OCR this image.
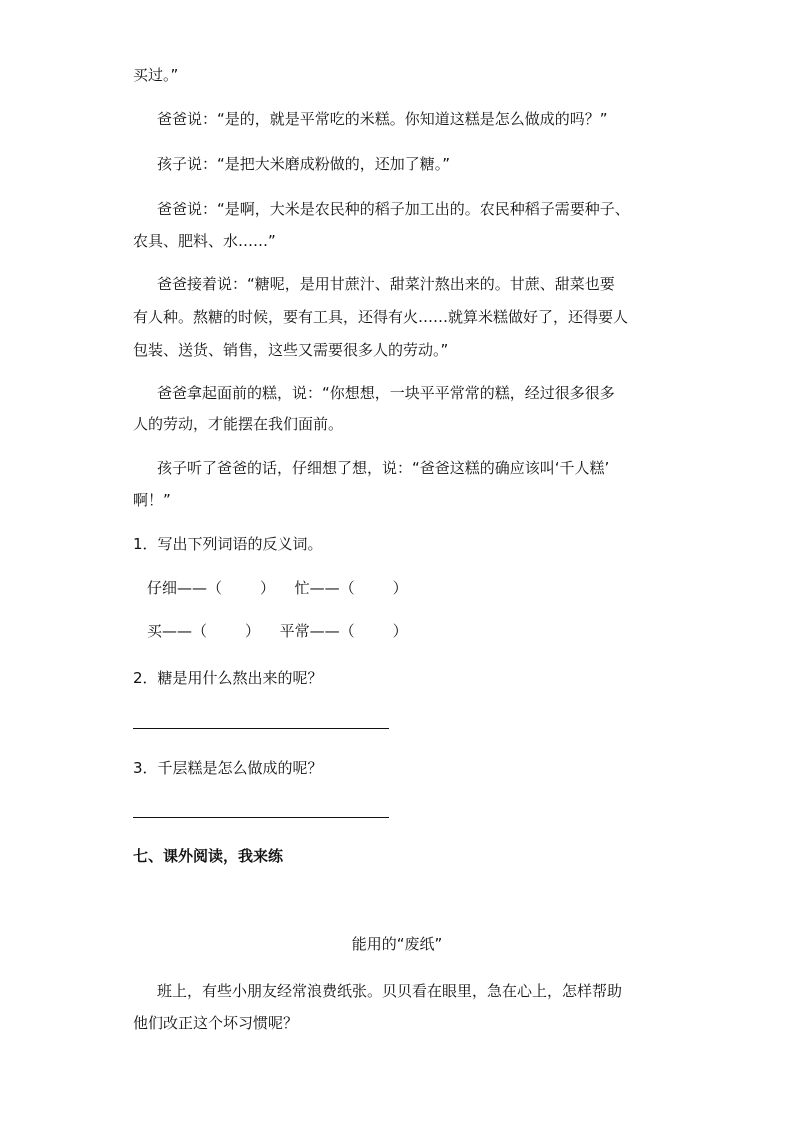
买过。”
爸爸说：“是的，就是平常吃的米糕。你知道这糕是怎么做成的吗？”
孩子说：“是把大米磨成粉做的，还加了糖。”
爸爸说：“是啊，大米是农民种的稻子加工出的。农民种稻子需要种子、
农具、肥料、水……”
爸爸接着说：“糖呢，是用甘蔗汁、甜菜汁熬出来的。甘蔗、甜菜也要
有人种。熬糖的时候，要有工具，还得有火……就算米糕做好了，还得要人
包装、送货、销售，这些又需要很多人的劳动。”
爸爸拿起面前的糕，说：“你想想，一块平平常常的糕，经过很多很多
人的劳动，才能摆在我们面前。
孩子听了爸爸的话，仔细想了想，说：“爸爸这糕的确应该叫‘千人糕’
啊！”
1．写出下列词语的反义词。
仔细——（	） 忙——（	）
买——（	） 平常——（	）
2．糖是用什么熬出来的呢？
3．千层糕是怎么做成的呢？
七、课外阅读，我来练
能用的“废纸”
班上，有些小朋友经常浪费纸张。贝贝看在眼里，急在心上，怎样帮助
他们改正这个坏习惯呢？
